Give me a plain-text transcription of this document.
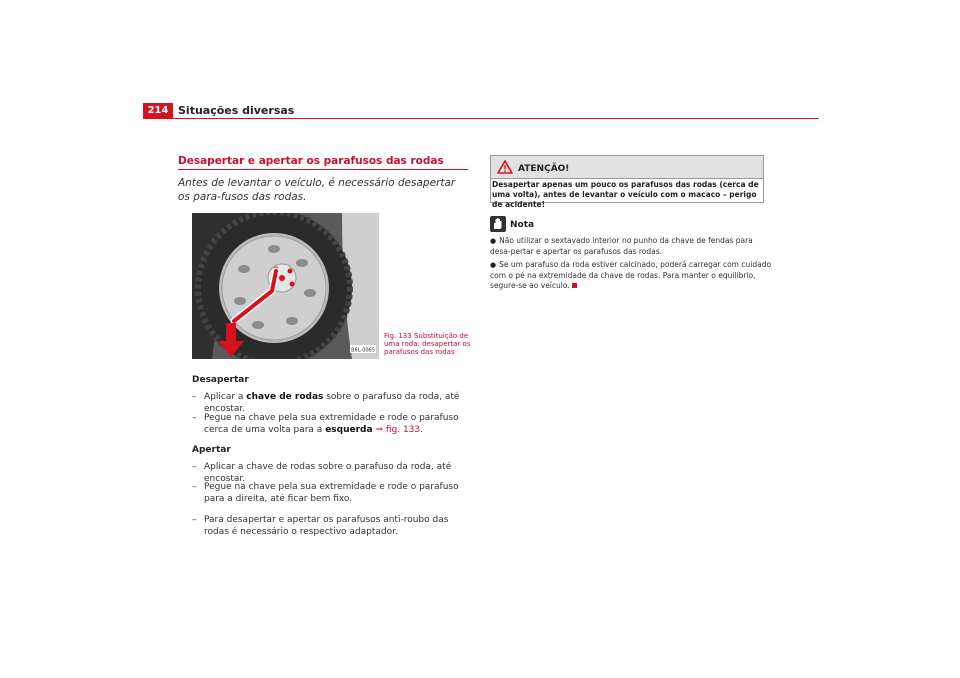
214 Situações diversas
Desapertar e apertar os parafusos das rodas
Antes de levantar o veículo, é necessário desapertar os para-fusos das rodas.
B6L-0065
Fig. 133 Substituição de uma roda: desapertar os parafusos das rodas
Desapertar
– Aplicar a chave de rodas sobre o parafuso da roda, até encostar.
– Pegue na chave pela sua extremidade e rode o parafuso cerca de uma volta para a esquerda ⇒ fig. 133.
Apertar
– Aplicar a chave de rodas sobre o parafuso da roda, até encostar.
– Pegue na chave pela sua extremidade e rode o parafuso para a direita, até ficar bem fixo.
– Para desapertar e apertar os parafusos anti-roubo das rodas é necessário o respectivo adaptador.
ATENÇÃO!
Desapertar apenas um pouco os parafusos das rodas (cerca de uma volta), antes de levantar o veículo com o macaco – perigo de acidente!
Nota
● Não utilizar o sextavado interior no punho da chave de fendas para desa-pertar e apertar os parafusos das rodas.
● Se um parafuso da roda estiver calcinado, poderá carregar com cuidado com o pé na extremidade da chave de rodas. Para manter o equilíbrio, segure-se ao veículo.
